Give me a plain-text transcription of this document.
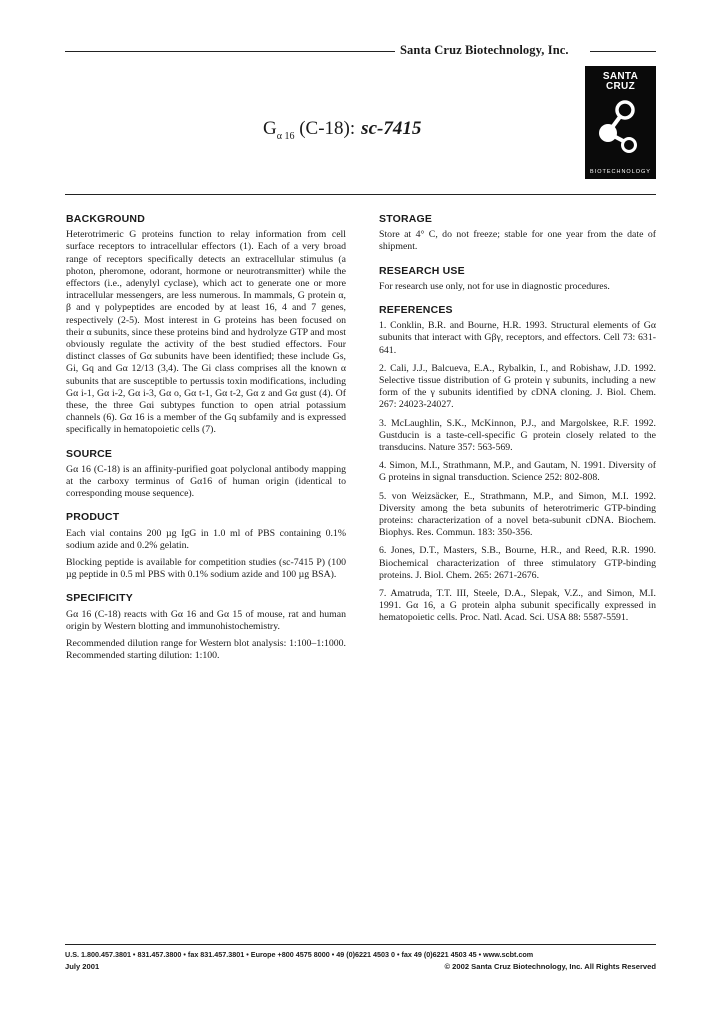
Santa Cruz Biotechnology, Inc.
$G_{\alpha 16}$ (C-18): sc-7415
SANTA
CRUZ
BIOTECHNOLOGY
BACKGROUND

Heterotrimeric G proteins function to relay information from cell surface receptors to intracellular effectors (1). Each of a very broad range of receptors specifically detects an extracellular stimulus (a photon, pheromone, odorant, hormone or neurotransmitter) while the effectors (i.e., adenylyl cyclase), which act to generate one or more intracellular messengers, are less numerous. In mammals, G protein α, β and γ polypeptides are encoded by at least 16, 4 and 7 genes, respectively (2-5). Most interest in G proteins has been focused on their α subunits, since these proteins bind and hydrolyze GTP and most obviously regulate the activity of the best studied effectors. Four distinct classes of Gα subunits have been identified; these include Gs, Gi, Gq and Gα 12/13 (3,4). The Gi class comprises all the known α subunits that are susceptible to pertussis toxin modifications, including Gα i-1, Gα i-2, Gα i-3, Gα o, Gα t-1, Gα t-2, Gα z and Gα gust (4). Of these, the three Gαi subtypes function to open atrial potassium channels (6). Gα 16 is a member of the Gq subfamily and is expressed specifically in hematopoietic cells (7).

SOURCE

Gα 16 (C-18) is an affinity-purified goat polyclonal antibody mapping at the carboxy terminus of Gα16 of human origin (identical to corresponding mouse sequence).

PRODUCT

Each vial contains 200 µg IgG in 1.0 ml of PBS containing 0.1% sodium azide and 0.2% gelatin.

Blocking peptide is available for competition studies (sc-7415 P) (100 µg peptide in 0.5 ml PBS with 0.1% sodium azide and 100 µg BSA).

SPECIFICITY

Gα 16 (C-18) reacts with Gα 16 and Gα 15 of mouse, rat and human origin by Western blotting and immunohistochemistry.

Recommended dilution range for Western blot analysis: 1:100–1:1000. Recommended starting dilution: 1:100.

STORAGE

Store at 4° C, do not freeze; stable for one year from the date of shipment.

RESEARCH USE

For research use only, not for use in diagnostic procedures.

REFERENCES

1. Conklin, B.R. and Bourne, H.R. 1993. Structural elements of Gα subunits that interact with Gβγ, receptors, and effectors. Cell 73: 631-641.

2. Cali, J.J., Balcueva, E.A., Rybalkin, I., and Robishaw, J.D. 1992. Selective tissue distribution of G protein γ subunits, including a new form of the γ subunits identified by cDNA cloning. J. Biol. Chem. 267: 24023-24027.

3. McLaughlin, S.K., McKinnon, P.J., and Margolskee, R.F. 1992. Gustducin is a taste-cell-specific G protein closely related to the transducins. Nature 357: 563-569.

4. Simon, M.I., Strathmann, M.P., and Gautam, N. 1991. Diversity of G proteins in signal transduction. Science 252: 802-808.

5. von Weizsäcker, E., Strathmann, M.P., and Simon, M.I. 1992. Diversity among the beta subunits of heterotrimeric GTP-binding proteins: characterization of a novel beta-subunit cDNA. Biochem. Biophys. Res. Commun. 183: 350-356.

6. Jones, D.T., Masters, S.B., Bourne, H.R., and Reed, R.R. 1990. Biochemical characterization of three stimulatory GTP-binding proteins. J. Biol. Chem. 265: 2671-2676.

7. Amatruda, T.T. III, Steele, D.A., Slepak, V.Z., and Simon, M.I. 1991. Gα 16, a G protein alpha subunit specifically expressed in hematopoietic cells. Proc. Natl. Acad. Sci. USA 88: 5587-5591.

U.S. 1.800.457.3801 • 831.457.3800 • fax 831.457.3801 • Europe +800 4575 8000 • 49 (0)6221 4503 0 • fax 49 (0)6221 4503 45 • www.scbt.com
July 2001	© 2002 Santa Cruz Biotechnology, Inc. All Rights Reserved
